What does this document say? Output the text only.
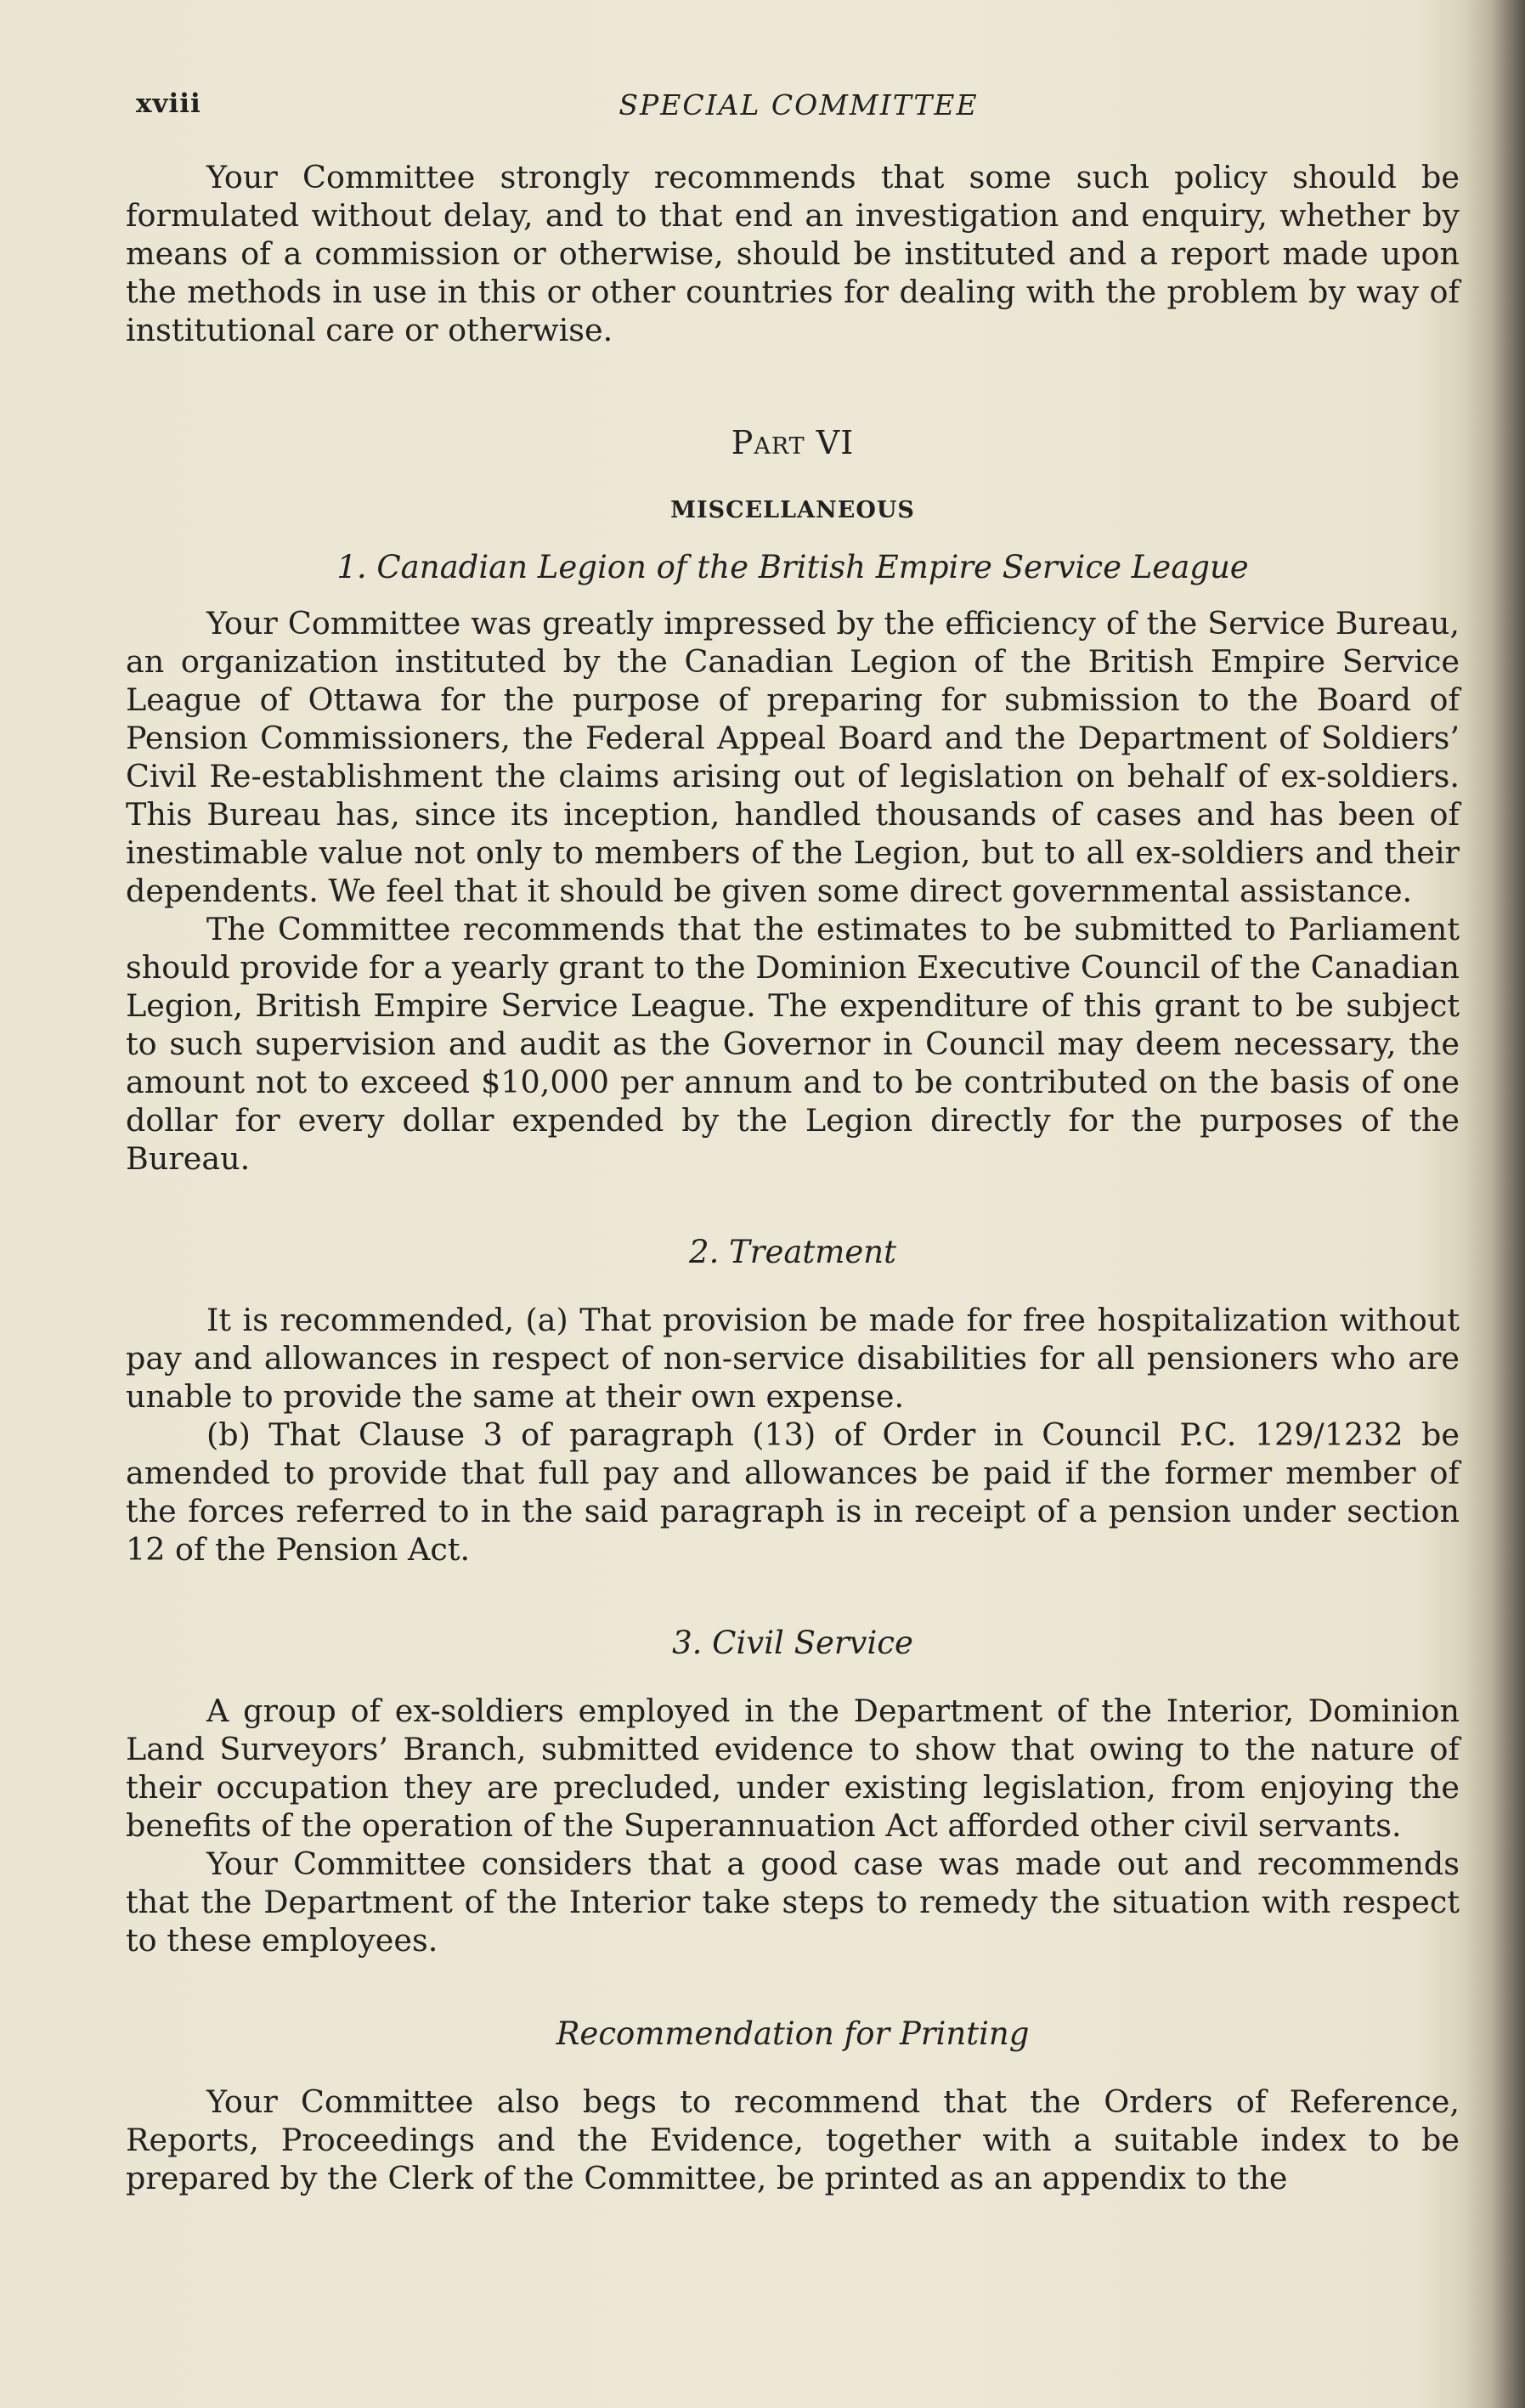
xviii	SPECIAL COMMITTEE

Your Committee strongly recommends that some such policy should be formulated without delay, and to that end an investigation and enquiry, whether by means of a commission or otherwise, should be instituted and a report made upon the methods in use in this or other countries for dealing with the problem by way of institutional care or otherwise.

Part VI
MISCELLANEOUS
1. Canadian Legion of the British Empire Service League

Your Committee was greatly impressed by the efficiency of the Service Bureau, an organization instituted by the Canadian Legion of the British Empire Service League of Ottawa for the purpose of preparing for submission to the Board of Pension Commissioners, the Federal Appeal Board and the Department of Soldiers’ Civil Re-establishment the claims arising out of legislation on behalf of ex-soldiers. This Bureau has, since its inception, handled thousands of cases and has been of inestimable value not only to members of the Legion, but to all ex-soldiers and their dependents. We feel that it should be given some direct governmental assistance.

The Committee recommends that the estimates to be submitted to Parliament should provide for a yearly grant to the Dominion Executive Council of the Canadian Legion, British Empire Service League. The expenditure of this grant to be subject to such supervision and audit as the Governor in Council may deem necessary, the amount not to exceed $10,000 per annum and to be contributed on the basis of one dollar for every dollar expended by the Legion directly for the purposes of the Bureau.

2. Treatment

It is recommended, (a) That provision be made for free hospitalization without pay and allowances in respect of non-service disabilities for all pensioners who are unable to provide the same at their own expense.

(b) That Clause 3 of paragraph (13) of Order in Council P.C. 129/1232 be amended to provide that full pay and allowances be paid if the former member of the forces referred to in the said paragraph is in receipt of a pension under section 12 of the Pension Act.

3. Civil Service

A group of ex-soldiers employed in the Department of the Interior, Dominion Land Surveyors’ Branch, submitted evidence to show that owing to the nature of their occupation they are precluded, under existing legislation, from enjoying the benefits of the operation of the Superannuation Act afforded other civil servants.

Your Committee considers that a good case was made out and recommends that the Department of the Interior take steps to remedy the situation with respect to these employees.

Recommendation for Printing

Your Committee also begs to recommend that the Orders of Reference, Reports, Proceedings and the Evidence, together with a suitable index to be prepared by the Clerk of the Committee, be printed as an appendix to the
